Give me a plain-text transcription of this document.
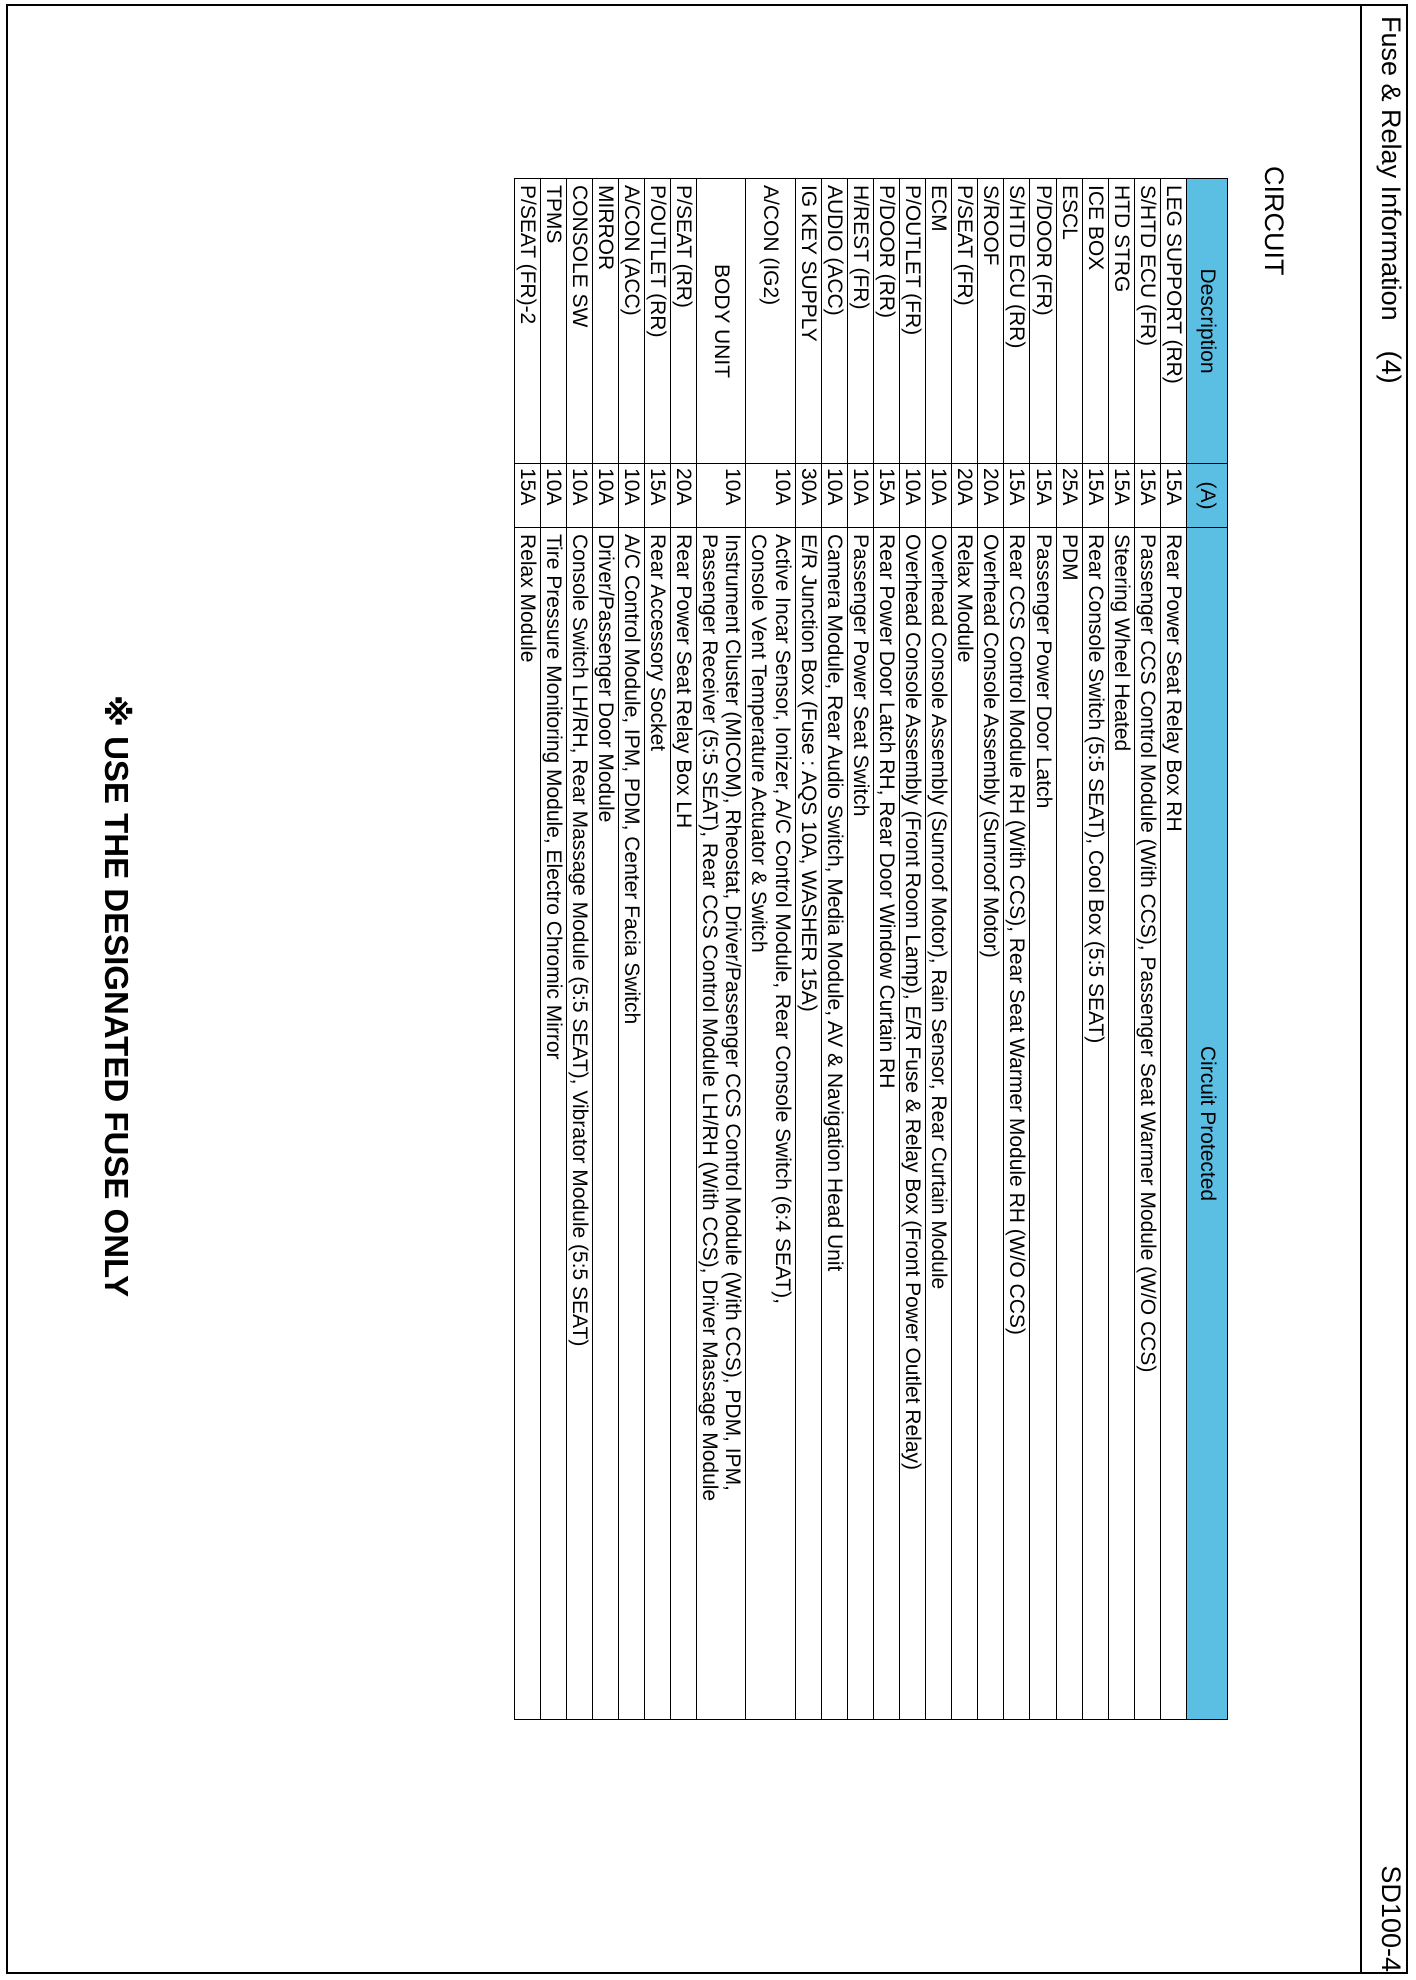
Fuse & Relay Information    (4)
SD100-4
CIRCUIT
Description	(A)	Circuit Protected
LEG SUPPORT (RR)	15A	Rear Power Seat Relay Box RH

S/HTD ECU (FR)	15A	Passenger CCS Control Module (With CCS), Passenger Seat Warmer Module (W/O CCS)

HTD STRG	15A	Steering Wheel Heated

ICE BOX	15A	Rear Console Switch (5:5 SEAT), Cool Box (5:5 SEAT)

ESCL	25A	PDM

P/DOOR (FR)	15A	Passenger Power Door Latch

S/HTD ECU (RR)	15A	Rear CCS Control Module RH (With CCS), Rear Seat Warmer Module RH (W/O CCS)

S/ROOF	20A	Overhead Console Assembly (Sunroof Motor)

P/SEAT (FR)	20A	Relax Module

ECM	10A	Overhead Console Assembly (Sunroof Motor), Rain Sensor, Rear Curtain Module

P/OUTLET (FR)	10A	Overhead Console Assembly (Front Room Lamp), E/R Fuse & Relay Box (Front Power Outlet Relay)

P/DOOR (RR)	15A	Rear Power Door Latch RH, Rear Door Window Curtain RH

H/REST (FR)	10A	Passenger Power Seat Switch

AUDIO (ACC)	10A	Camera Module, Rear Audio Switch, Media Module, AV & Navigation Head Unit

IG KEY SUPPLY	30A	E/R Junction Box (Fuse : AQS 10A, WASHER 15A)

A/CON (IG2)	10A	Active Incar Sensor, Ionizer, A/C Control Module, Rear Console Switch (6:4 SEAT),
Console Vent Temperature Actuator & Switch

BODY UNIT	10A	Instrument Cluster (MICOM), Rheostat, Driver/Passenger CCS Control Module (With CCS), PDM, IPM,
Passenger Receiver (5:5 SEAT), Rear CCS Control Module LH/RH (With CCS), Driver Massage Module

P/SEAT (RR)	20A	Rear Power Seat Relay Box LH

P/OUTLET (RR)	15A	Rear Accessory Socket

A/CON (ACC)	10A	A/C Control Module, IPM, PDM, Center Facia Switch

MIRROR	10A	Driver/Passenger Door Module

CONSOLE SW	10A	Console Switch LH/RH, Rear Massage Module (5:5 SEAT), Vibrator Module (5:5 SEAT)

TPMS	10A	Tire Pressure Monitoring Module, Electro Chromic Mirror

P/SEAT (FR)-2	15A	Relax Module
※ USE THE DESIGNATED FUSE ONLY
